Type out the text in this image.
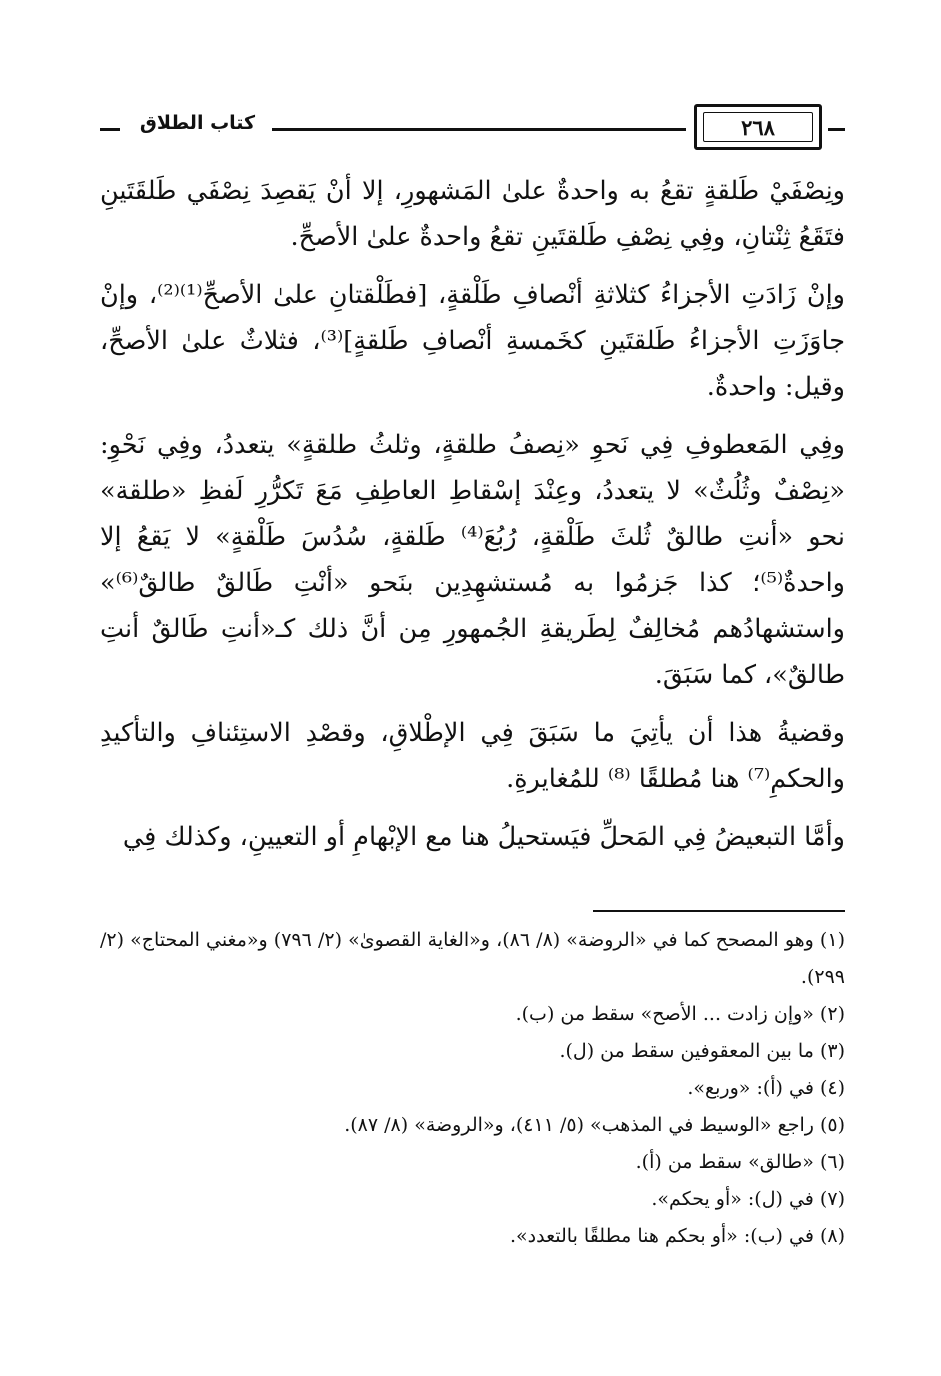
كتاب الطلاق	٢٦٨

ونِصْفَيْ طَلقةٍ تقعُ به واحدةٌ علىٰ المَشهورِ، إلا أنْ يَقصِدَ نِصْفَي طَلقَتَينِ فتَقَعُ ثِنْتانِ، وفِي نِصْفِ طَلقتَينِ تقعُ واحدةٌ علىٰ الأصحِّ.

وإنْ زَادَتِ الأجزاءُ كثلاثةِ أنْصافِ طَلْقةٍ، [فطَلْقتانِ علىٰ الأصحِّ⁽¹⁾⁽²⁾، وإنْ جاوَزَتِ الأجزاءُ طَلقتَينِ كخَمسةِ أنْصافِ طَلقةٍ]⁽³⁾، فثلاثٌ علىٰ الأصحِّ، وقيل: واحدةٌ.

وفِي المَعطوفِ فِي نَحوِ «نِصفُ طلقةٍ، وثلثُ طلقةٍ» يتعددُ، وفِي نَحْوِ: «نِصْفٌ وثُلُثٌ» لا يتعددُ، وعِنْدَ إسْقاطِ العاطِفِ مَعَ تَكرُّرِ لَفظِ «طلقة» نحو «أنتِ طالقٌ ثُلثَ طَلْقةٍ، رُبُعَ⁽⁴⁾ طَلقةٍ، سُدُسَ طَلْقةٍ» لا يَقعُ إلا واحدةٌ⁽⁵⁾؛ كذا جَزمُوا به مُستشهِدِين بنَحو «أنْتِ طَالقٌ طالقٌ⁽⁶⁾» واستشهادُهم مُخالِفٌ لِطَريقةِ الجُمهورِ مِن أنَّ ذلك كـ«أنتِ طَالقٌ أنتِ طالقٌ»، كما سَبَقَ.

وقضيةُ هذا أن يأتِيَ ما سَبَقَ فِي الإطْلاقِ، وقصْدِ الاستِئنافِ والتأكيدِ والحكمِ⁽⁷⁾ هنا مُطلقًا ⁽⁸⁾ للمُغايرةِ.

وأمَّا التبعيضُ فِي المَحلِّ فيَستحيلُ هنا مع الإبْهامِ أو التعيينِ، وكذلك فِي

(١) وهو المصحح كما في «الروضة» (٨/ ٨٦)، و«الغاية القصوىٰ» (٢/ ٧٩٦) و«مغني المحتاج» (٢/ ٢٩٩).

(٢) «وإن زادت ... الأصح» سقط من (ب).

(٣) ما بين المعقوفين سقط من (ل).

(٤) في (أ): «وربع».

(٥) راجع «الوسيط في المذهب» (٥/ ٤١١)، و«الروضة» (٨/ ٨٧).

(٦) «طالق» سقط من (أ).

(٧) في (ل): «أو يحكم».

(٨) في (ب): «أو بحكم هنا مطلقًا بالتعدد».
